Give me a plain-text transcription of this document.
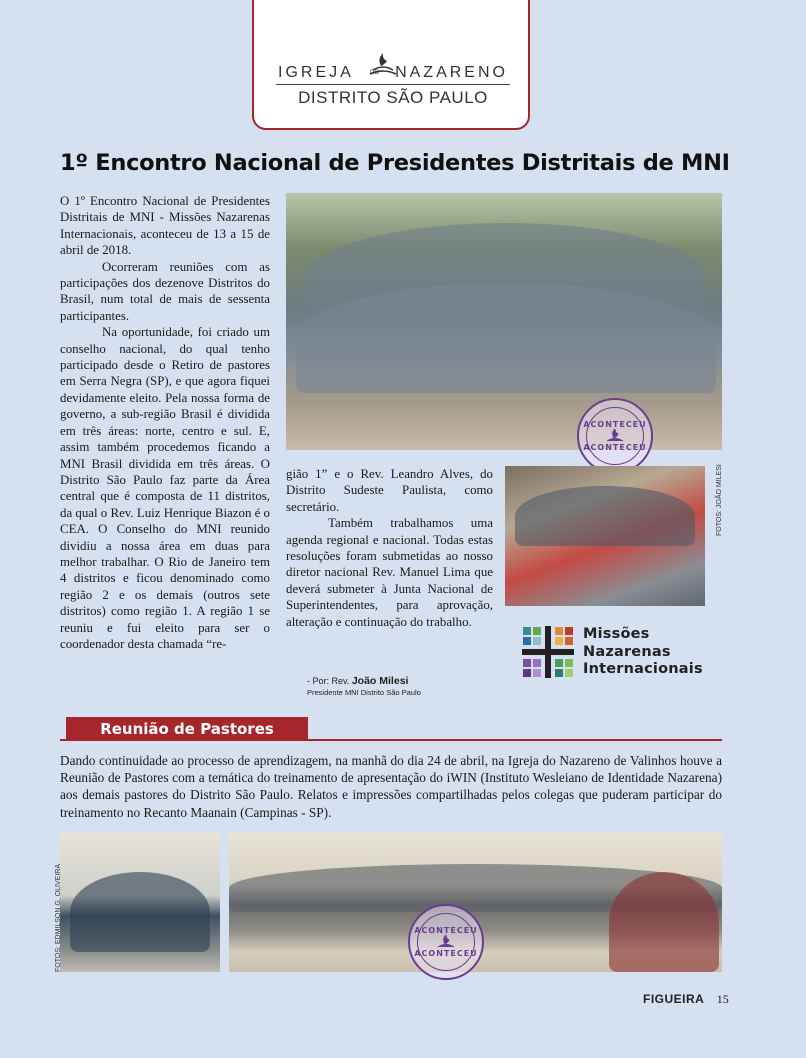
IGREJA	DO NAZARENO
DISTRITO SÃO PAULO
1º Encontro Nacional de Presidentes Distritais de MNI

O 1º Encontro Nacional de Presidentes Distritais de MNI - Missões Nazarenas Internacionais, aconteceu de 13 a 15 de abril de 2018.

Ocorreram reuniões com as participações dos dezenove Distritos do Brasil, num total de mais de sessenta participantes.

Na oportunidade, foi criado um conselho nacional, do qual tenho participado desde o Retiro de pastores em Serra Negra (SP), e que agora fiquei devidamente eleito. Pela nossa forma de governo, a sub-região Brasil é dividida em três áreas: norte, centro e sul. E, assim também procedemos ficando a MNI Brasil dividida em três áreas. O Distrito São Paulo faz parte da Área central que é composta de 11 distritos, da qual o Rev. Luiz Henrique Biazon é o CEA. O Conselho do MNI reunido dividiu a nossa área em duas para melhor trabalhar. O Rio de Janeiro tem 4 distritos e ficou denominado como região 2 e os demais (outros sete distritos) como região 1. A região 1 se reuniu e fui eleito para ser o coordenador desta chamada “re-

ACONTECEU
ACONTECEU

gião 1” e o Rev. Leandro Alves, do Distrito Sudeste Paulista, como secretário.

Também trabalhamos uma agenda regional e nacional. Todas estas resoluções foram submetidas ao nosso diretor nacional Rev. Manuel Lima que deverá submeter à Junta Nacional de Superintendentes, para aprovação, alteração e continuação do trabalho.

FOTOS: JOÃO MILESI
Missões
Nazarenas
Internacionais
- Por: Rev. João Milesi
Presidente MNI Distrito São Paulo
Reunião de Pastores
Dando continuidade ao processo de aprendizagem, na manhã do dia 24 de abril, na Igreja do Nazareno de Valinhos houve a Reunião de Pastores com a temática do treinamento de apresentação do iWIN (Instituto Wesleiano de Identidade Nazarena) aos demais pastores do Distrito São Paulo. Relatos e impressões compartilhadas pelos colegas que puderam participar do treinamento no Recanto Maanain (Campinas - SP).
FOTOS: EDMILSON G. OLIVEIRA	ACONTECEU
ACONTECEU
FIGUEIRA 15
